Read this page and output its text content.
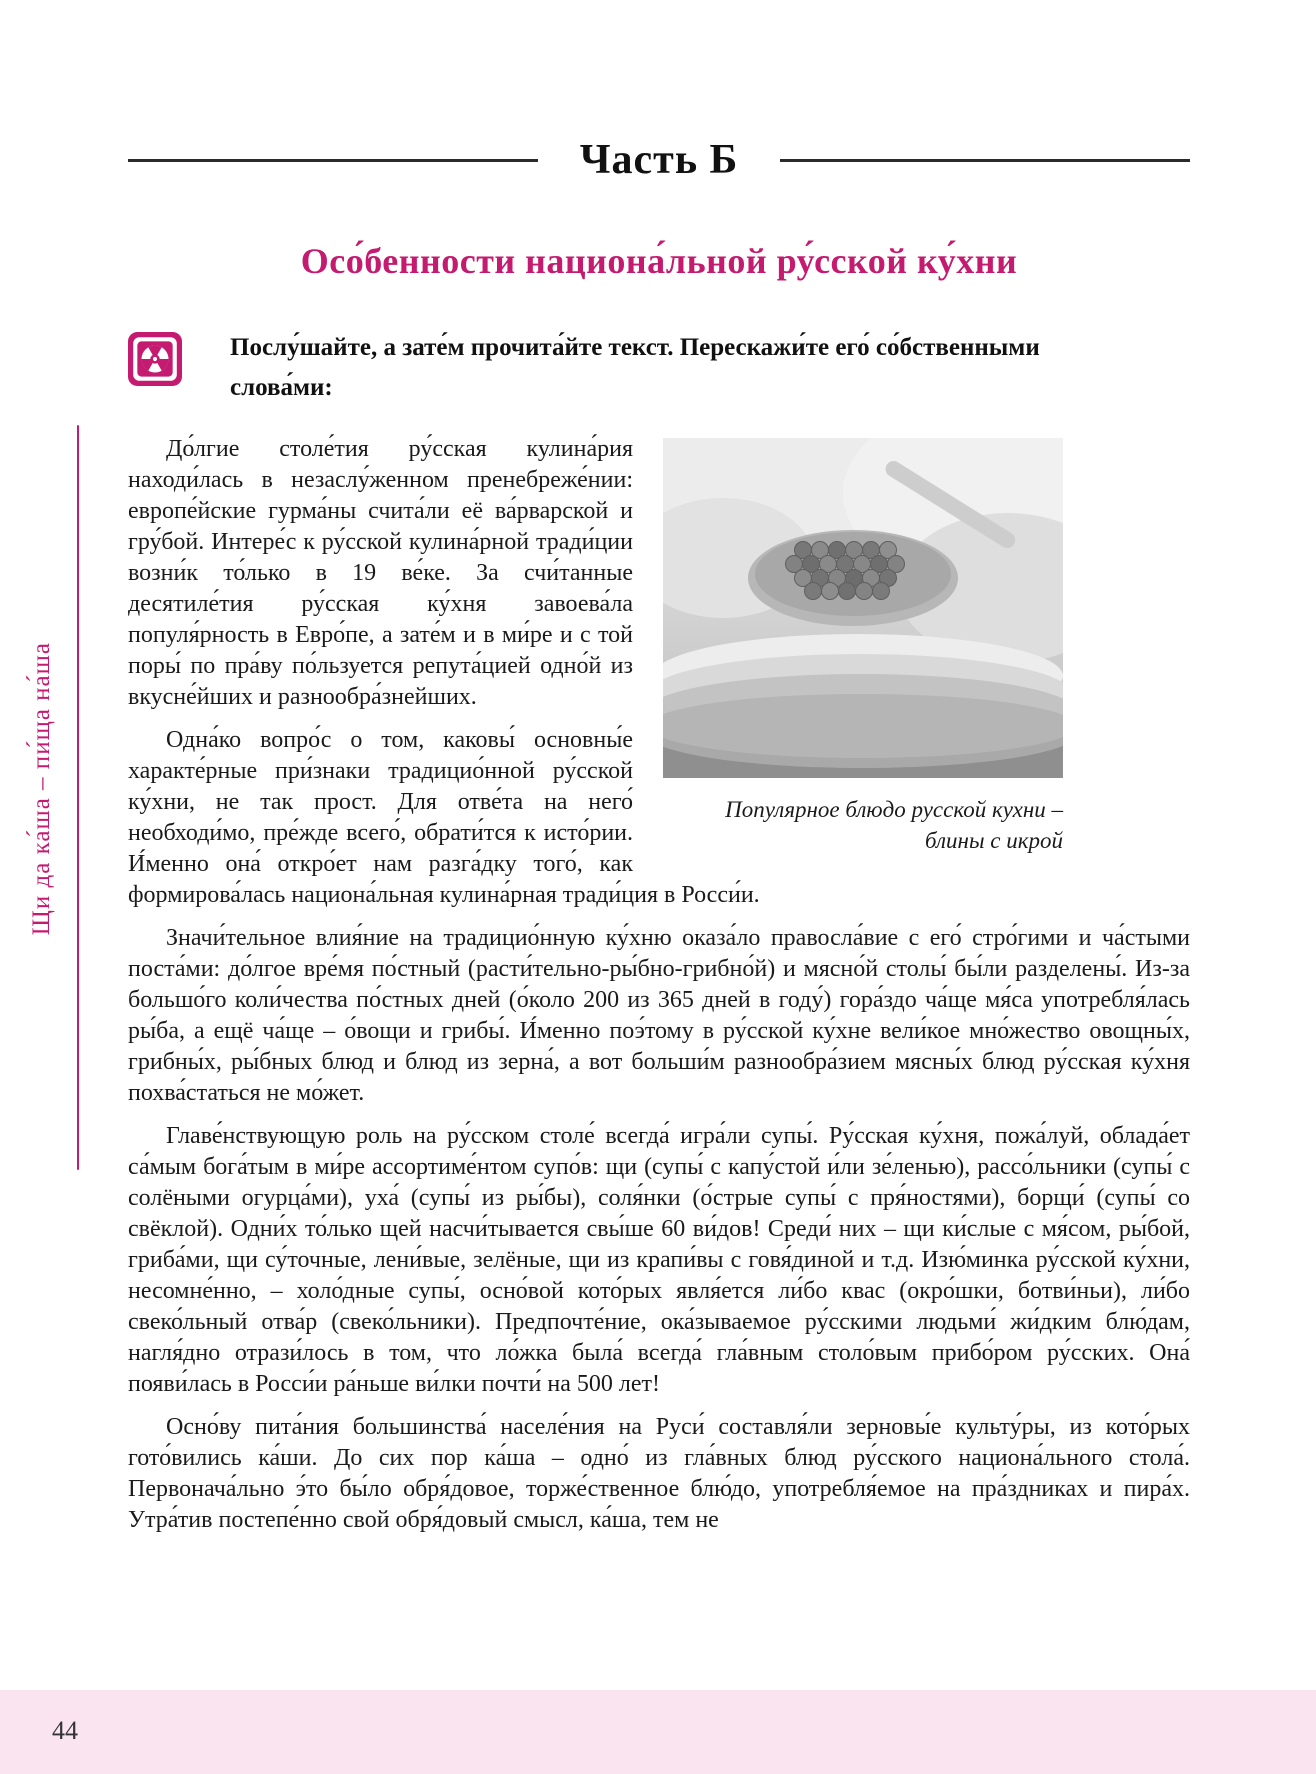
Щи да ка́ша – пи́ща на́ша
Часть Б
Осо́бенности национа́льной ру́сской ку́хни

Послу́шайте, а зате́м прочита́йте текст. Перескажи́те его́ со́бственными слова́ми:

Популярное блюдо русской кухни –
блины с икрой

До́лгие столе́тия ру́сская кулина́рия находи́лась в незаслу́женном пренебреже́нии: европе́йские гурма́ны счита́ли её ва́рварской и гру́бой. Интере́с к ру́сской кулина́рной тради́ции возни́к то́лько в 19 ве́ке. За счи́танные десятиле́тия ру́сская ку́хня завоева́ла популя́рность в Евро́пе, а зате́м и в ми́ре и с той поры́ по пра́ву по́льзуется репута́цией одно́й из вкусне́йших и разнообра́знейших.

Одна́ко вопро́с о том, каковы́ основны́е характе́рные при́знаки традицио́нной ру́сской ку́хни, не так прост. Для отве́та на него́ необходи́мо, пре́жде всего́, обрати́тся к исто́рии. И́менно она́ откро́ет нам разга́дку того́, как формирова́лась национа́льная кулина́рная тради́ция в Росси́и.

Значи́тельное влия́ние на традицио́нную ку́хню оказа́ло правосла́вие с его́ стро́гими и ча́стыми поста́ми: до́лгое вре́мя по́стный (расти́тельно-ры́бно-грибно́й) и мясно́й столы́ бы́ли разделены́. Из-за большо́го коли́чества по́стных дней (о́коло 200 из 365 дней в году́) гора́здо ча́ще мя́са употребля́лась ры́ба, а ещё ча́ще – о́вощи и грибы́. И́менно поэ́тому в ру́сской ку́хне вели́кое мно́жество овощны́х, грибны́х, ры́бных блюд и блюд из зерна́, а вот больши́м разнообра́зием мясны́х блюд ру́сская ку́хня похва́статься не мо́жет.

Главе́нствующую роль на ру́сском столе́ всегда́ игра́ли супы́. Ру́сская ку́хня, пожа́луй, облада́ет са́мым бога́тым в ми́ре ассортиме́нтом супо́в: щи (супы́ с капу́стой и́ли зе́ленью), рассо́льники (супы́ с солёными огурца́ми), уха́ (супы́ из ры́бы), соля́нки (о́стрые супы́ с пря́ностями), борщи́ (супы́ со свёклой). Одни́х то́лько щей насчи́тывается свы́ше 60 ви́дов! Среди́ них – щи ки́слые с мя́сом, ры́бой, гриба́ми, щи су́точные, лени́вые, зелёные, щи из крапи́вы с говя́диной и т.д. Изю́минка ру́сской ку́хни, несомне́нно, – холо́дные супы́, осно́вой кото́рых явля́ется ли́бо квас (окро́шки, ботви́ньи), ли́бо свеко́льный отва́р (свеко́льники). Предпочте́ние, ока́зываемое ру́сскими людьми́ жи́дким блю́дам, нагля́дно отрази́лось в том, что ло́жка была́ всегда́ гла́вным столо́вым прибо́ром ру́сских. Она́ появи́лась в Росси́и ра́ньше ви́лки почти́ на 500 лет!

Осно́ву пита́ния большинства́ населе́ния на Руси́ составля́ли зерновы́е культу́ры, из кото́рых гото́вились ка́ши. До сих пор ка́ша – одно́ из гла́вных блюд ру́сского национа́льного стола́. Первонача́льно э́то бы́ло обря́довое, торже́ственное блю́до, употребля́емое на пра́здниках и пира́х. Утра́тив постепе́нно свой обря́довый смысл, ка́ша, тем не

44
